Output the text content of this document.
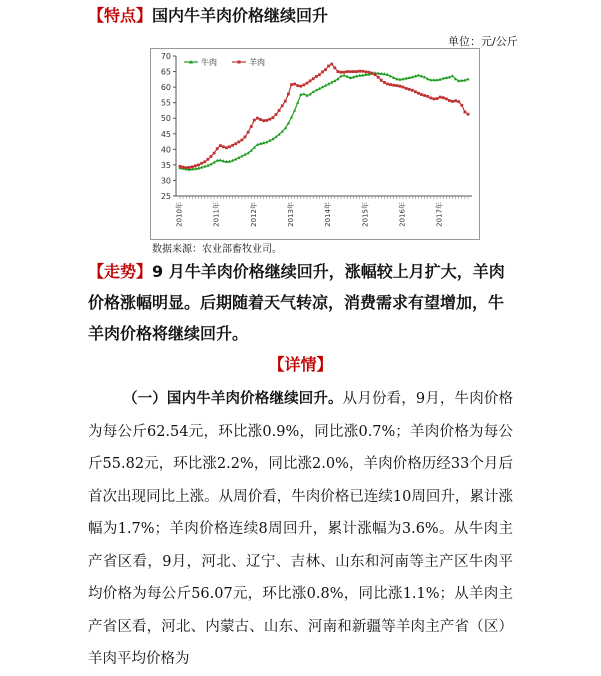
【特点】国内牛羊肉价格继续回升
单位：元/公斤
25
30
35
40
45
50
55
60
65
70
2010年	2011年	2012年	2013年	2014年	2015年	2016年	2017年
牛肉	羊肉
数据来源：农业部畜牧业司。
【走势】9 月牛羊肉价格继续回升，涨幅较上月扩大，羊肉价格涨幅明显。后期随着天气转凉，消费需求有望增加，牛羊肉价格将继续回升。
【详情】
（一）国内牛羊肉价格继续回升。从月份看，9月，牛肉价格为每公斤62.54元，环比涨0.9%，同比涨0.7%；羊肉价格为每公斤55.82元，环比涨2.2%，同比涨2.0%，羊肉价格历经33个月后首次出现同比上涨。从周价看，牛肉价格已连续10周回升，累计涨幅为1.7%；羊肉价格连续8周回升，累计涨幅为3.6%。从牛肉主产省区看，9月，河北、辽宁、吉林、山东和河南等主产区牛肉平均价格为每公斤56.07元，环比涨0.8%，同比涨1.1%；从羊肉主产省区看，河北、内蒙古、山东、河南和新疆等羊肉主产省（区）羊肉平均价格为
